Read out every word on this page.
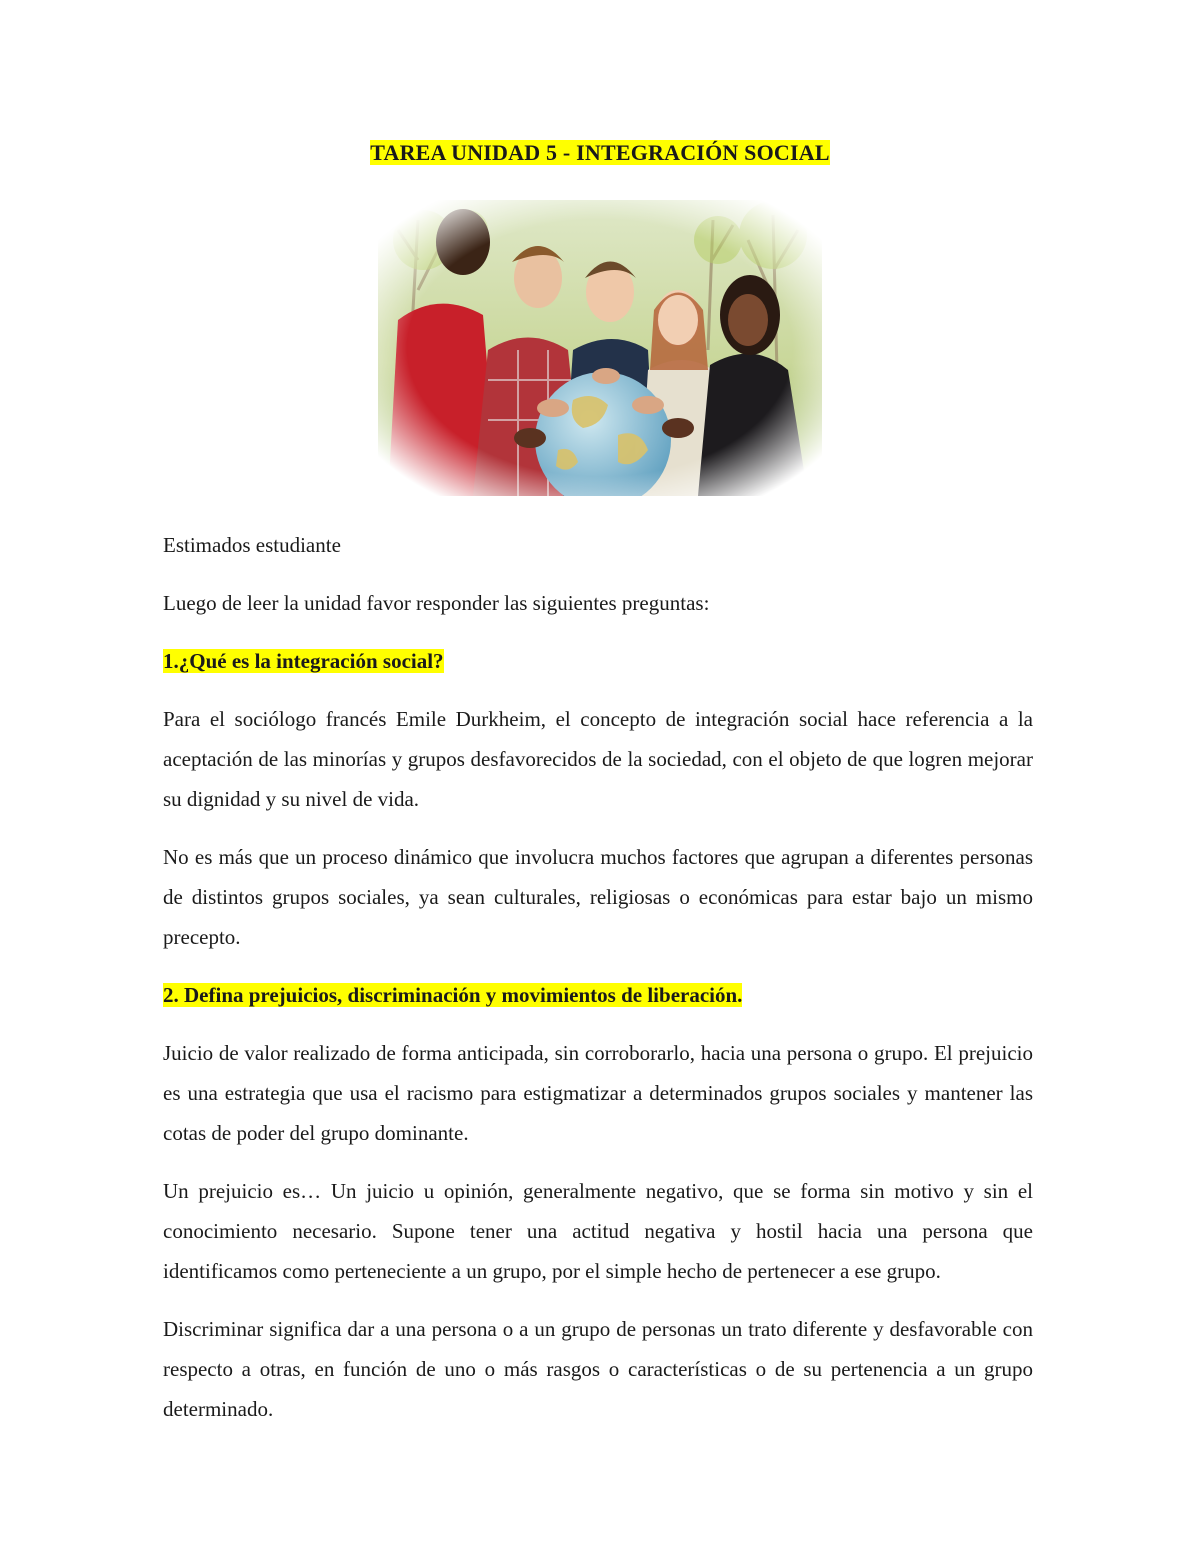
TAREA UNIDAD 5 - INTEGRACIÓN SOCIAL

Estimados estudiante

Luego de leer la unidad favor responder las siguientes preguntas:

1.¿Qué es la integración social?

Para el sociólogo francés Emile Durkheim, el concepto de integración social hace referencia a la aceptación de las minorías y grupos desfavorecidos de la sociedad, con el objeto de que logren mejorar su dignidad y su nivel de vida.

No es más que un proceso dinámico que involucra muchos factores que agrupan a diferentes personas de distintos grupos sociales, ya sean culturales, religiosas o económicas para estar bajo un mismo precepto.

2. Defina prejuicios, discriminación y movimientos de liberación.

Juicio de valor realizado de forma anticipada, sin corroborarlo, hacia una persona o grupo. El prejuicio es una estrategia que usa el racismo para estigmatizar a determinados grupos sociales y mantener las cotas de poder del grupo dominante.

Un prejuicio es… Un juicio u opinión, generalmente negativo, que se forma sin motivo y sin el conocimiento necesario. Supone tener una actitud negativa y hostil hacia una persona que identificamos como perteneciente a un grupo, por el simple hecho de pertenecer a ese grupo.

Discriminar significa dar a una persona o a un grupo de personas un trato diferente y desfavorable con respecto a otras, en función de uno o más rasgos o características o de su pertenencia a un grupo determinado.
